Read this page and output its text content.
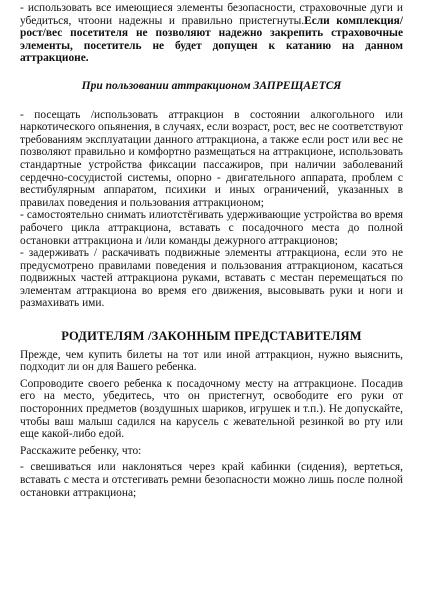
- использовать все имеющиеся элементы безопасности, страховочные дуги и убедиться, чтоони надежны и правильно пристегнуты.Если комплекция/рост/вес посетителя не позволяют надежно закрепить страховочные элементы, посетитель не будет допущен к катанию на данном аттракционе.

При пользовании аттракционом ЗАПРЕЩАЕТСЯ

- посещать /использовать аттракцион в состоянии алкогольного или наркотического опьянения, в случаях, если возраст, рост, вес не соответствуют требованиям эксплуатации данного аттракциона, а также если рост или вес не позволяют правильно и комфортно размещаться на аттракционе, использовать стандартные устройства фиксации пассажиров, при наличии заболеваний сердечно-сосудистой системы, опорно - двигательного аппарата, проблем с вестибулярным аппаратом, психики и иных ограничений, указанных в правилах поведения и пользования аттракционом;

- самостоятельно снимать илиотстёгивать удерживающие устройства во время рабочего цикла аттракциона, вставать с посадочного места до полной остановки аттракциона и /или команды дежурного аттракционов;

- задерживать / раскачивать подвижные элементы аттракциона, если это не предусмотрено правилами поведения и пользования аттракционом, касаться подвижных частей аттракциона руками, вставать с местан перемещаться по элементам аттракциона во время его движения, высовывать руки и ноги и размахивать ими.

РОДИТЕЛЯМ /ЗАКОННЫМ ПРЕДСТАВИТЕЛЯМ

Прежде, чем купить билеты на тот или иной аттракцион, нужно выяснить, подходит ли он для Вашего ребенка.

Сопроводите своего ребенка к посадочному месту на аттракционе. Посадив его на место, убедитесь, что он пристегнут, освободите его руки от посторонних предметов (воздушных шариков, игрушек и т.п.). Не допускайте, чтобы ваш малыш садился на карусель с жевательной резинкой во рту или еще какой-либо едой.

Расскажите ребенку, что:

- свешиваться или наклоняться через край кабинки (сидения), вертеться, вставать с места и отстегивать ремни безопасности можно лишь после полной остановки аттракциона;
